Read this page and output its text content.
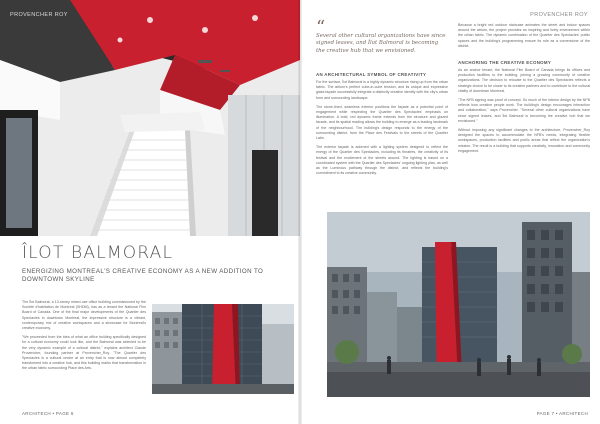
PROVENCHER ROY
ÎLOT BALMORAL
ENERGIZING MONTREAL'S CREATIVE ECONOMY AS A NEW ADDITION TO DOWNTOWN SKYLINE

The Îlot Balmoral, a 13-storey mixed-use office building commissioned by the Société d'habitation de Montréal (SHDM), has as a tenant the National Film Board of Canada. One of the final major developments of the Quartier des Spectacles in downtown Montreal, the impressive structure is a vibrant, contemporary mix of creative workspaces and a showcase for Montreal's creative economy.

"We proceeded from the idea of what an office building specifically designed for a cultural economy could look like, and the Balmoral was selected to be the very dynamic example of a cultural district," explains architect Claude Provencher, founding partner at Provencher_Roy. "The Quartier des Spectacles is a cultural centre at an entry that is now almost completely transformed into a creative hub, and this building marks that transformation in the urban fabric surrounding Place des Arts.

ARCHITECH • PAGE 6
PROVENCHER ROY
“
Several other cultural organizations have since signed leases, and Îlot Balmoral is becoming the creative hub that we envisioned.
AN ARCHITECTURAL SYMBOL OF CREATIVITY

For the surface, Îlot Balmoral is a highly dynamic structure rising up from the urban fabric. The atrium's perfect cube-in-cube tension, and its unique and expressive glass façade successfully integrate a distinctly creative identity with the city's urban form and surrounding landscape.

The stone-lined, seamless exterior positions the façade as a potential point of engagement while respecting the Quartier des Spectacles' emphasis on illumination. A bold, red dynamic frame extends from the structure and glazed facade, and its spatial reading allows the building to emerge as a leading landmark of the neighbourhood. The building's design responds to the energy of the surrounding district, from the Place des Festivals to the streets of the Quartier Latin.

The exterior façade is adorned with a lighting system designed to reflect the energy of the Quartier des Spectacles, including its theatres, the creativity of its festival and the excitement of the streets around. The lighting is based on a coordinated system with the Quartier des Spectacles' ongoing lighting plan, as well as the Luminous pathway through the district, and reflects the building's commitment to its creative community.

Because a bright red outdoor staircase animates the street and indoor spaces around the atrium, the project provides an inspiring and lively environment within the urban fabric. The dynamic combination of the Quartier des Spectacles' public spaces and the building's programming ensure its role as a cornerstone of the district.

ANCHORING THE CREATIVE ECONOMY

As an anchor tenant, the National Film Board of Canada brings its offices and production facilities to the building, joining a growing community of creative organizations. The decision to relocate to the Quartier des Spectacles reflects a strategic choice to be closer to its creative partners and to contribute to the cultural vitality of downtown Montreal.

"The NFB signing was proof of concept. So much of the interior design by the NFB reflects how creative people work. The building's design encourages interaction and collaboration," says Provencher. "Several other cultural organizations have since signed leases, and Îlot Balmoral is becoming the creative hub that we envisioned."

Without imposing any significant changes to the architecture, Provencher_Roy designed the spaces to accommodate the NFB's needs, integrating flexible workspaces, production facilities and public areas that reflect the organization's mission. The result is a building that supports creativity, innovation and community engagement.

PAGE 7 • ARCHITECH
